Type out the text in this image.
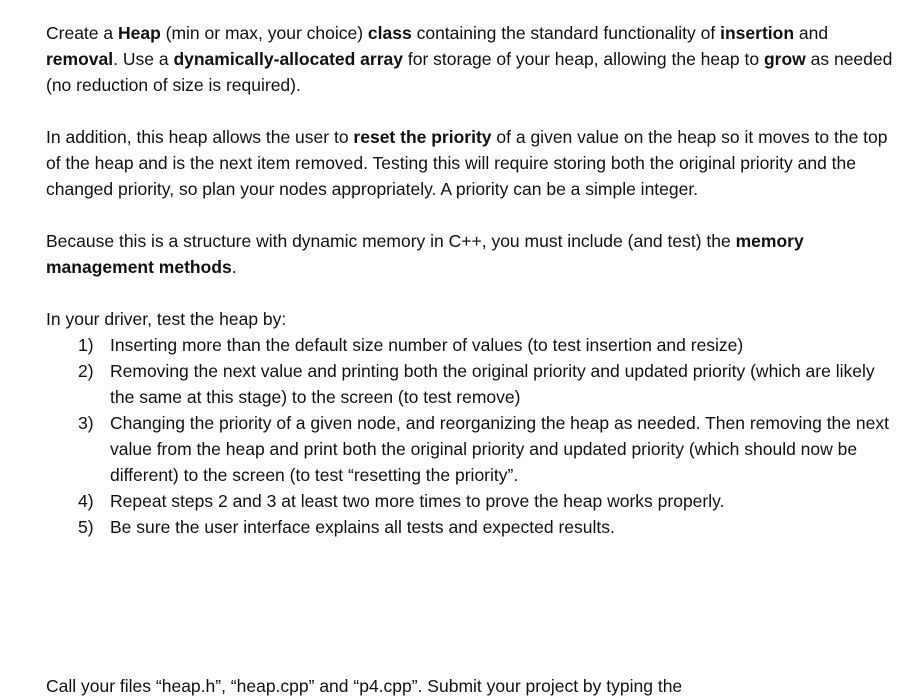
Create a Heap (min or max, your choice) class containing the standard functionality of insertion and removal. Use a dynamically-allocated array for storage of your heap, allowing the heap to grow as needed (no reduction of size is required).

In addition, this heap allows the user to reset the priority of a given value on the heap so it moves to the top of the heap and is the next item removed. Testing this will require storing both the original priority and the changed priority, so plan your nodes appropriately. A priority can be a simple integer.

Because this is a structure with dynamic memory in C++, you must include (and test) the memory management methods.

In your driver, test the heap by:

1) Inserting more than the default size number of values (to test insertion and resize)
2) Removing the next value and printing both the original priority and updated priority (which are likely the same at this stage) to the screen (to test remove)
3) Changing the priority of a given node, and reorganizing the heap as needed. Then removing the next value from the heap and print both the original priority and updated priority (which should now be different) to the screen (to test “resetting the priority”.
4) Repeat steps 2 and 3 at least two more times to prove the heap works properly.
5) Be sure the user interface explains all tests and expected results.

Call your files “heap.h”, “heap.cpp” and “p4.cpp”. Submit your project by typing the
